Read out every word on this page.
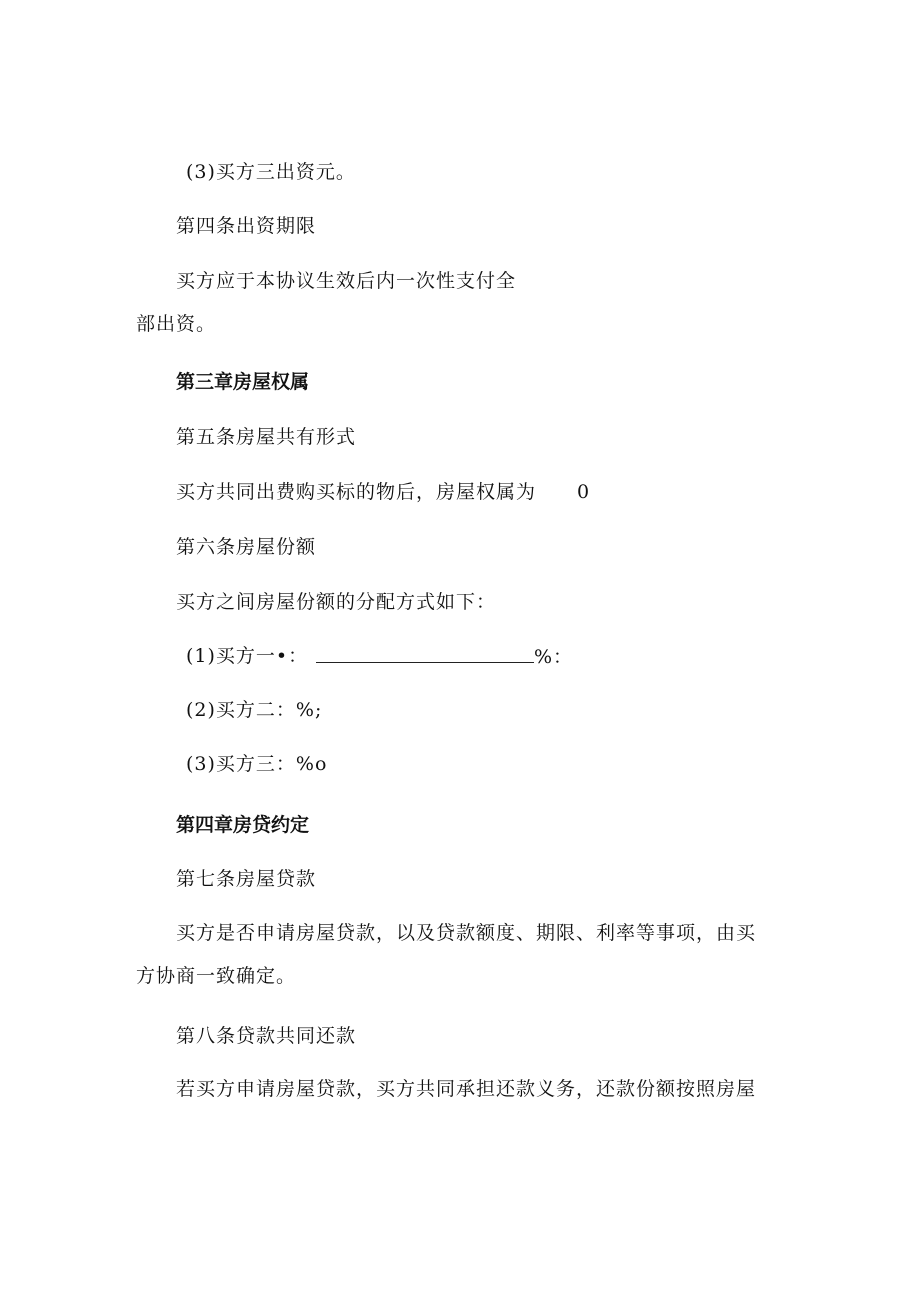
(3)买方三出资元。
第四条出资期限
买方应于本协议生效后内一次性支付全
部出资。
第三章房屋权属
第五条房屋共有形式
买方共同出费购买标的物后，房屋权属为 0
第六条房屋份额
买方之间房屋份额的分配方式如下：
(1)买方一•：	%：
(2)买方二：%;
(3)买方三：%o
第四章房贷约定
第七条房屋贷款
买方是否申请房屋贷款，以及贷款额度、期限、利率等事项，由买
方协商一致确定。
第八条贷款共同还款
若买方申请房屋贷款，买方共同承担还款义务，还款份额按照房屋
